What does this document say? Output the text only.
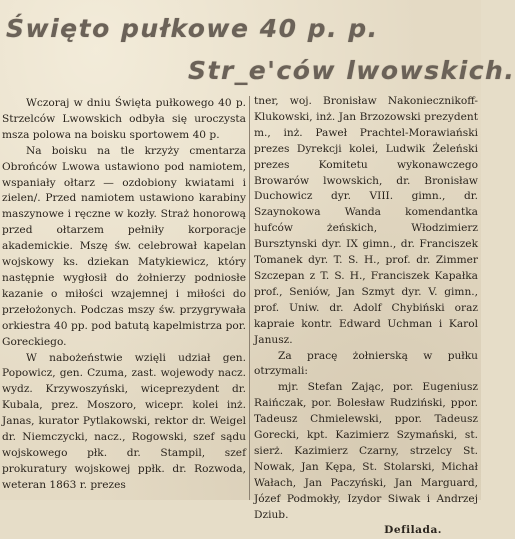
Święto pułkowe 40 p. p.
Str_e'ców lwowskich.

Wczoraj w dniu Święta pułkowego 40 p. Strzelców Lwowskich odbyła się uroczysta msza polowa na boisku sportowem 40 p.

Na boisku na tle krzyży cmentarza Obrońców Lwowa ustawiono pod namiotem, wspaniały ołtarz — ozdobiony kwiatami i zielen/. Przed namiotem ustawiono karabiny maszynowe i ręczne w kozły. Straż honorową przed ołtarzem pełniły korporacje akademickie. Mszę św. celebrował kapelan wojskowy ks. dziekan Matykiewicz, który następnie wygłosił do żołnierzy podniosłe kazanie o miłości wzajemnej i miłości do przełożonych. Podczas mszy św. przygrywała orkiestra 40 pp. pod batutą kapelmistrza por. Goreckiego.

W nabożeństwie wzięli udział gen. Popowicz, gen. Czuma, zast. wojewody nacz. wydz. Krzywoszyński, wiceprezydent dr. Kubala, prez. Moszoro, wicepr. kolei inż. Janas, kurator Pytlakowski, rektor dr. Weigel dr. Niemczycki, nacz., Rogowski, szef sądu wojskowego płk. dr. Stampil, szef prokuratury wojskowej ppłk. dr. Rozwoda, weteran 1863 r. prezes

tner, woj. Bronisław Nakoniecznikoff-Klukowski, inż. Jan Brzozowski prezydent m., inż. Paweł Prachtel-Morawiański prezes Dyrekcji kolei, Ludwik Żeleński prezes Komitetu wykonawczego Browarów lwowskich, dr. Bronisław Duchowicz dyr. VIII. gimn., dr. Szaynokowa Wanda komendantka hufców żeńskich, Włodzimierz Bursztynski dyr. IX gimn., dr. Franciszek Tomanek dyr. T. S. H., prof. dr. Zimmer Szczepan z T. S. H., Franciszek Kapałka prof., Seniów, Jan Szmyt dyr. V. gimn., prof. Uniw. dr. Adolf Chybiński oraz kapraie kontr. Edward Uchman i Karol Janusz.

Za pracę żołnierską w pułku otrzymali:

mjr. Stefan Zając, por. Eugeniusz Raińczak, por. Bolesław Rudziński, ppor. Tadeusz Chmielewski, ppor. Tadeusz Gorecki, kpt. Kazimierz Szymański, st. sierż. Kazimierz Czarny, strzelcy St. Nowak, Jan Kępa, St. Stolarski, Michał Wałach, Jan Paczyński, Jan Marguard, Józef Podmokły, Izydor Siwak i Andrzej Dziub.

Defilada.
